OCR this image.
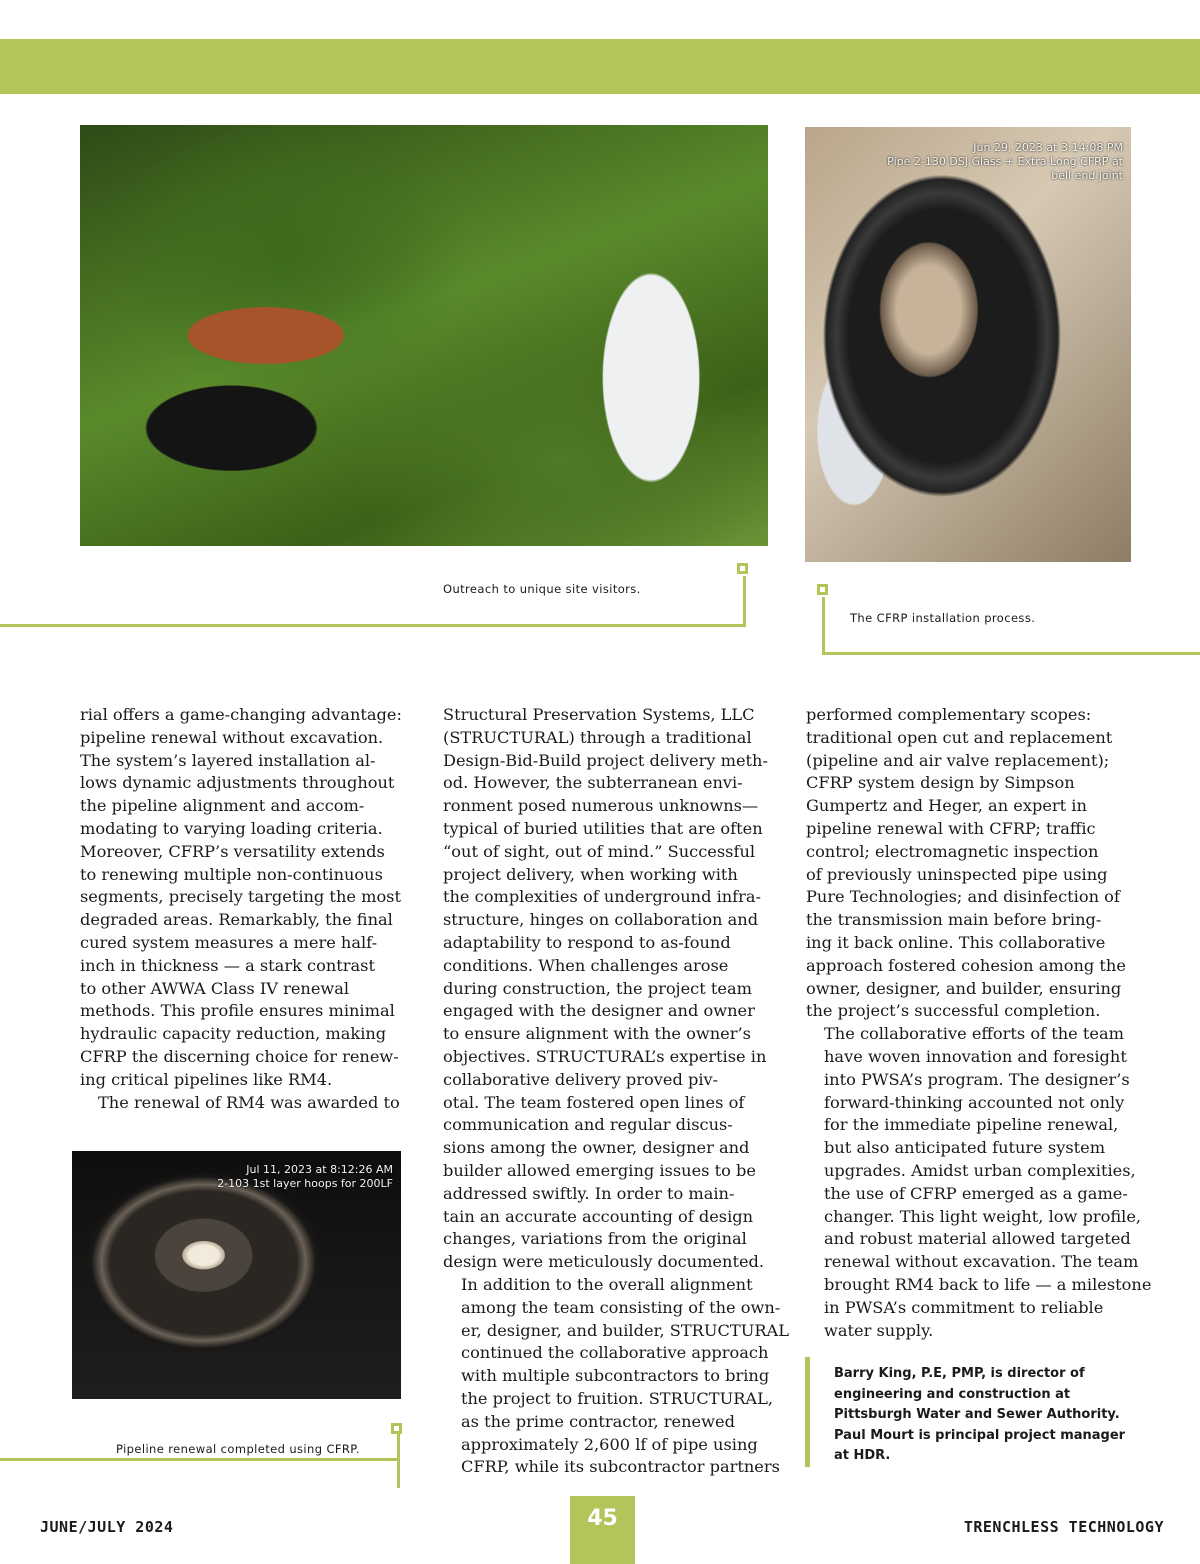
Outreach to unique site visitors.
Jun 29, 2023 at 3:14:08 PM
Pipe 2-130 DSJ Glass + Extra Long CFRP at
bell end joint
The CFRP installation process.
Jul 11, 2023 at 8:12:26 AM
2-103 1st layer hoops for 200LF
Pipeline renewal completed using CFRP.

rial offers a game-changing advantage:
pipeline renewal without excavation.
The system’s layered installation al-
lows dynamic adjustments throughout
the pipeline alignment and accom-
modating to varying loading criteria.
Moreover, CFRP’s versatility extends
to renewing multiple non-continuous
segments, precisely targeting the most
degraded areas. Remarkably, the final
cured system measures a mere half-
inch in thickness — a stark contrast
to other AWWA Class IV renewal
methods. This profile ensures minimal
hydraulic capacity reduction, making
CFRP the discerning choice for renew-
ing critical pipelines like RM4.

The renewal of RM4 was awarded to

Structural Preservation Systems, LLC
(STRUCTURAL) through a traditional
Design-Bid-Build project delivery meth-
od. However, the subterranean envi-
ronment posed numerous unknowns—
typical of buried utilities that are often
“out of sight, out of mind.” Successful
project delivery, when working with
the complexities of underground infra-
structure, hinges on collaboration and
adaptability to respond to as-found
conditions. When challenges arose
during construction, the project team
engaged with the designer and owner
to ensure alignment with the owner’s
objectives. STRUCTURAL’s expertise in
collaborative delivery proved piv-
otal. The team fostered open lines of
communication and regular discus-
sions among the owner, designer and
builder allowed emerging issues to be
addressed swiftly. In order to main-
tain an accurate accounting of design
changes, variations from the original
design were meticulously documented.

In addition to the overall alignment
among the team consisting of the own-
er, designer, and builder, STRUCTURAL
continued the collaborative approach
with multiple subcontractors to bring
the project to fruition. STRUCTURAL,
as the prime contractor, renewed
approximately 2,600 lf of pipe using
CFRP, while its subcontractor partners

performed complementary scopes:
traditional open cut and replacement
(pipeline and air valve replacement);
CFRP system design by Simpson
Gumpertz and Heger, an expert in
pipeline renewal with CFRP; traffic
control; electromagnetic inspection
of previously uninspected pipe using
Pure Technologies; and disinfection of
the transmission main before bring-
ing it back online. This collaborative
approach fostered cohesion among the
owner, designer, and builder, ensuring
the project’s successful completion.

The collaborative efforts of the team
have woven innovation and foresight
into PWSA’s program. The designer’s
forward-thinking accounted not only
for the immediate pipeline renewal,
but also anticipated future system
upgrades. Amidst urban complexities,
the use of CFRP emerged as a game-
changer. This light weight, low profile,
and robust material allowed targeted
renewal without excavation. The team
brought RM4 back to life — a milestone
in PWSA’s commitment to reliable
water supply.

Barry King, P.E, PMP, is director of
engineering and construction at
Pittsburgh Water and Sewer Authority.
Paul Mourt is principal project manager
at HDR.
JUNE/JULY 2024	45	TRENCHLESS TECHNOLOGY
